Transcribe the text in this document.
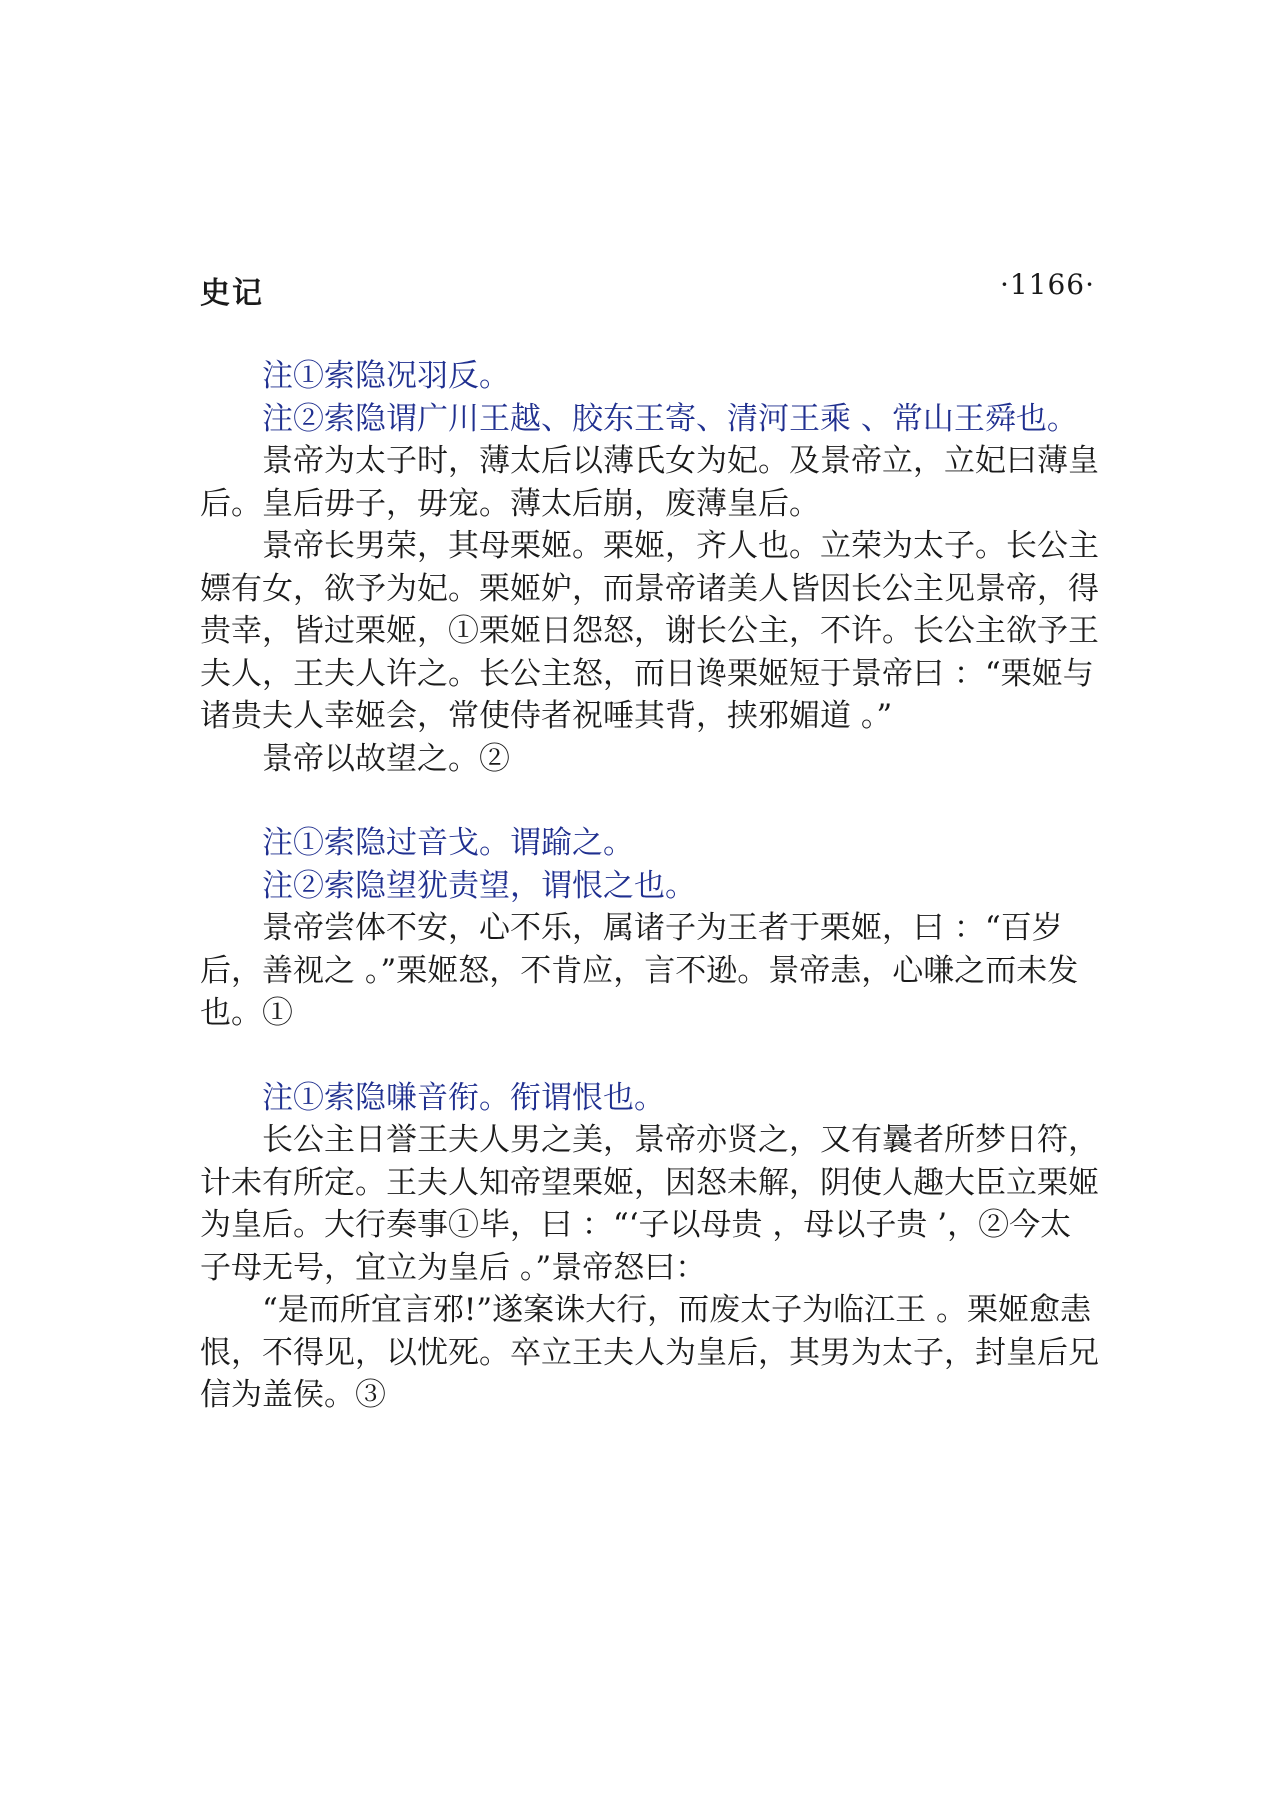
史记	·1166·

注①索隐况羽反。

注②索隐谓广川王越、胶东王寄、清河王乘 、常山王舜也。

景帝为太子时，薄太后以薄氏女为妃。及景帝立，立妃曰薄皇后。皇后毋子，毋宠。薄太后崩，废薄皇后。

景帝长男荣，其母栗姬。栗姬，齐人也。立荣为太子。长公主嫖有女，欲予为妃。栗姬妒，而景帝诸美人皆因长公主见景帝，得贵幸，皆过栗姬，①栗姬日怨怒，谢长公主，不许。长公主欲予王夫人，王夫人许之。长公主怒，而日谗栗姬短于景帝曰 ：“栗姬与诸贵夫人幸姬会，常使侍者祝唾其背，挟邪媚道 。”

景帝以故望之。②

注①索隐过音戈。谓踰之。

注②索隐望犹责望，谓恨之也。

景帝尝体不安，心不乐，属诸子为王者于栗姬，曰 ：“百岁后，善视之 。”栗姬怒，不肯应，言不逊。景帝恚，心嗛之而未发也。①

注①索隐嗛音衔。衔谓恨也。

长公主日誉王夫人男之美，景帝亦贤之，又有曩者所梦日符，计未有所定。王夫人知帝望栗姬，因怒未解，阴使人趣大臣立栗姬为皇后。大行奏事①毕，曰 ：“‘子以母贵 ，母以子贵 ’，②今太子母无号，宜立为皇后 。”景帝怒曰：

“是而所宜言邪!”遂案诛大行，而废太子为临江王 。栗姬愈恚恨，不得见，以忧死。卒立王夫人为皇后，其男为太子，封皇后兄信为盖侯。③
